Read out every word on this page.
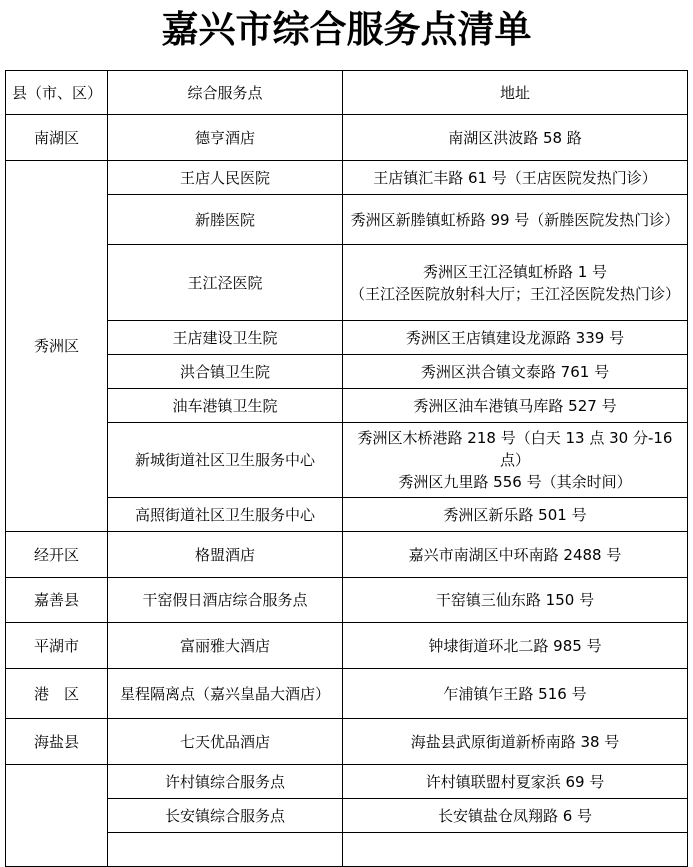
嘉兴市综合服务点清单
县（市、区）	综合服务点	地址
南湖区	德亨酒店	南湖区洪波路 58 路

秀洲区	王店人民医院	王店镇汇丰路 61 号（王店医院发热门诊）

	新塍医院	秀洲区新塍镇虹桥路 99 号（新塍医院发热门诊）

	王江泾医院	秀洲区王江泾镇虹桥路 1 号
（王江泾医院放射科大厅；王江泾医院发热门诊）

	王店建设卫生院	秀洲区王店镇建设龙源路 339 号

	洪合镇卫生院	秀洲区洪合镇文泰路 761 号

	油车港镇卫生院	秀洲区油车港镇马库路 527 号

	新城街道社区卫生服务中心	秀洲区木桥港路 218 号（白天 13 点 30 分-16 点）
秀洲区九里路 556 号（其余时间）

	高照街道社区卫生服务中心	秀洲区新乐路 501 号

经开区	格盟酒店	嘉兴市南湖区中环南路 2488 号

嘉善县	干窑假日酒店综合服务点	干窑镇三仙东路 150 号

平湖市	富丽雅大酒店	钟埭街道环北二路 985 号

港　区	星程隔离点（嘉兴皇晶大酒店）	乍浦镇乍王路 516 号

海盐县	七天优品酒店	海盐县武原街道新桥南路 38 号

	许村镇综合服务点	许村镇联盟村夏家浜 69 号

	长安镇综合服务点	长安镇盐仓凤翔路 6 号
